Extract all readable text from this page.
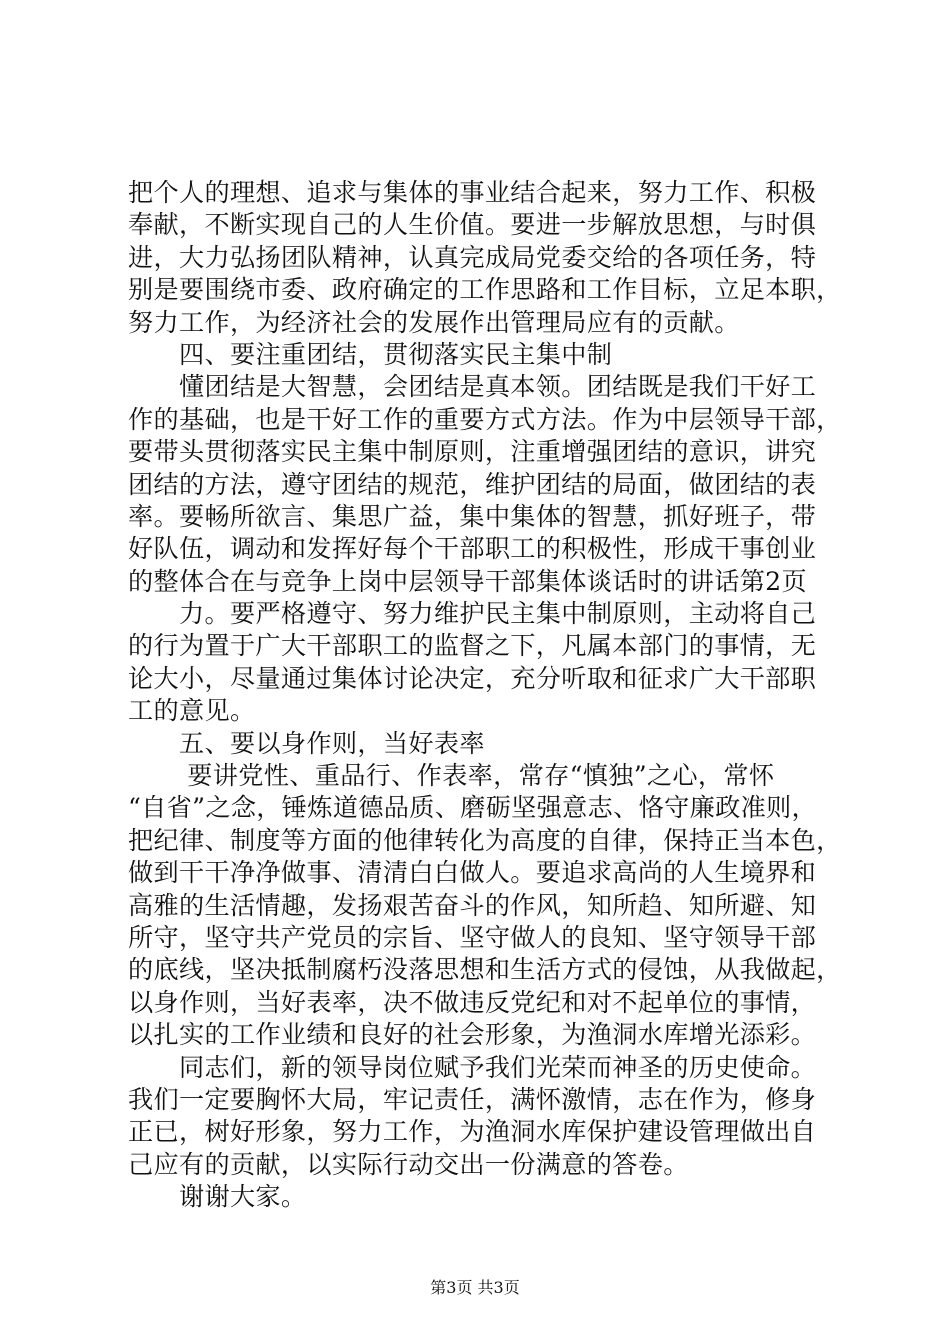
把个人的理想、追求与集体的事业结合起来，努力工作、积极
奉献，不断实现自己的人生价值。要进一步解放思想，与时俱
进，大力弘扬团队精神，认真完成局党委交给的各项任务，特
别是要围绕市委、政府确定的工作思路和工作目标，立足本职，
努力工作，为经济社会的发展作出管理局应有的贡献。
　　四、要注重团结，贯彻落实民主集中制
　　懂团结是大智慧，会团结是真本领。团结既是我们干好工
作的基础，也是干好工作的重要方式方法。作为中层领导干部，
要带头贯彻落实民主集中制原则，注重增强团结的意识，讲究
团结的方法，遵守团结的规范，维护团结的局面，做团结的表
率。要畅所欲言、集思广益，集中集体的智慧，抓好班子，带
好队伍，调动和发挥好每个干部职工的积极性，形成干事创业
的整体合在与竞争上岗中层领导干部集体谈话时的讲话第2页
　　力。要严格遵守、努力维护民主集中制原则，主动将自己
的行为置于广大干部职工的监督之下，凡属本部门的事情，无
论大小，尽量通过集体讨论决定，充分听取和征求广大干部职
工的意见。
　　五、要以身作则，当好表率
　　 要讲党性、重品行、作表率，常存“慎独”之心，常怀
“自省”之念，锤炼道德品质、磨砺坚强意志、恪守廉政准则，
把纪律、制度等方面的他律转化为高度的自律，保持正当本色，
做到干干净净做事、清清白白做人。要追求高尚的人生境界和
高雅的生活情趣，发扬艰苦奋斗的作风，知所趋、知所避、知
所守，坚守共产党员的宗旨、坚守做人的良知、坚守领导干部
的底线，坚决抵制腐朽没落思想和生活方式的侵蚀，从我做起，
以身作则，当好表率，决不做违反党纪和对不起单位的事情，
以扎实的工作业绩和良好的社会形象，为渔洞水库增光添彩。
　　同志们，新的领导岗位赋予我们光荣而神圣的历史使命。
我们一定要胸怀大局，牢记责任，满怀激情，志在作为，修身
正已，树好形象，努力工作，为渔洞水库保护建设管理做出自
己应有的贡献，以实际行动交出一份满意的答卷。
　　谢谢大家。
第3页 共3页
